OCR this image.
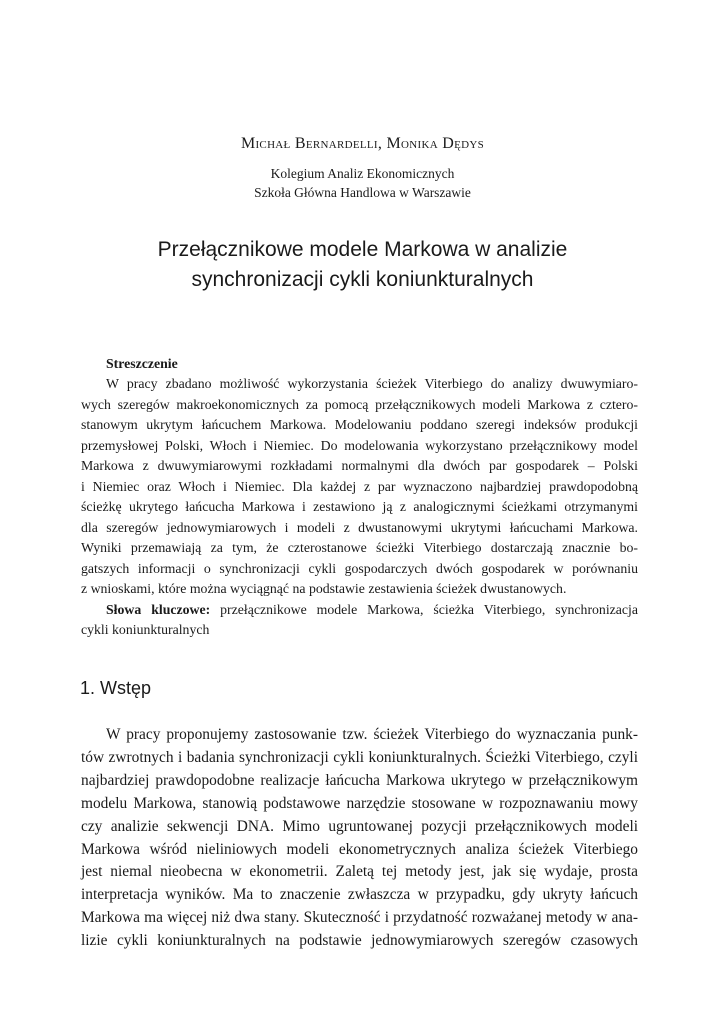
Michał Bernardelli, Monika Dędys
Kolegium Analiz Ekonomicznych
Szkoła Główna Handlowa w Warszawie
Przełącznikowe modele Markowa w analizie
synchronizacji cykli koniunkturalnych
Streszczenie
W pracy zbadano możliwość wykorzystania ścieżek Viterbiego do analizy dwuwymiaro-
wych szeregów makroekonomicznych za pomocą przełącznikowych modeli Markowa z cztero-
stanowym ukrytym łańcuchem Markowa. Modelowaniu poddano szeregi indeksów produkcji
przemysłowej Polski, Włoch i Niemiec. Do modelowania wykorzystano przełącznikowy model
Markowa z dwuwymiarowymi rozkładami normalnymi dla dwóch par gospodarek – Polski
i Niemiec oraz Włoch i Niemiec. Dla każdej z par wyznaczono najbardziej prawdopodobną
ścieżkę ukrytego łańcucha Markowa i zestawiono ją z analogicznymi ścieżkami otrzymanymi
dla szeregów jednowymiarowych i modeli z dwustanowymi ukrytymi łańcuchami Markowa.
Wyniki przemawiają za tym, że czterostanowe ścieżki Viterbiego dostarczają znacznie bo-
gatszych informacji o synchronizacji cykli gospodarczych dwóch gospodarek w porównaniu
z wnioskami, które można wyciągnąć na podstawie zestawienia ścieżek dwustanowych.
Słowa kluczowe: przełącznikowe modele Markowa, ścieżka Viterbiego, synchronizacja
cykli koniunkturalnych
1. Wstęp
W pracy proponujemy zastosowanie tzw. ścieżek Viterbiego do wyznaczania punk-
tów zwrotnych i badania synchronizacji cykli koniunkturalnych. Ścieżki Viterbiego, czyli
najbardziej prawdopodobne realizacje łańcucha Markowa ukrytego w przełącznikowym
modelu Markowa, stanowią podstawowe narzędzie stosowane w rozpoznawaniu mowy
czy analizie sekwencji DNA. Mimo ugruntowanej pozycji przełącznikowych modeli
Markowa wśród nieliniowych modeli ekonometrycznych analiza ścieżek Viterbiego
jest niemal nieobecna w ekonometrii. Zaletą tej metody jest, jak się wydaje, prosta
interpretacja wyników. Ma to znaczenie zwłaszcza w przypadku, gdy ukryty łańcuch
Markowa ma więcej niż dwa stany. Skuteczność i przydatność rozważanej metody w ana-
lizie cykli koniunkturalnych na podstawie jednowymiarowych szeregów czasowych
